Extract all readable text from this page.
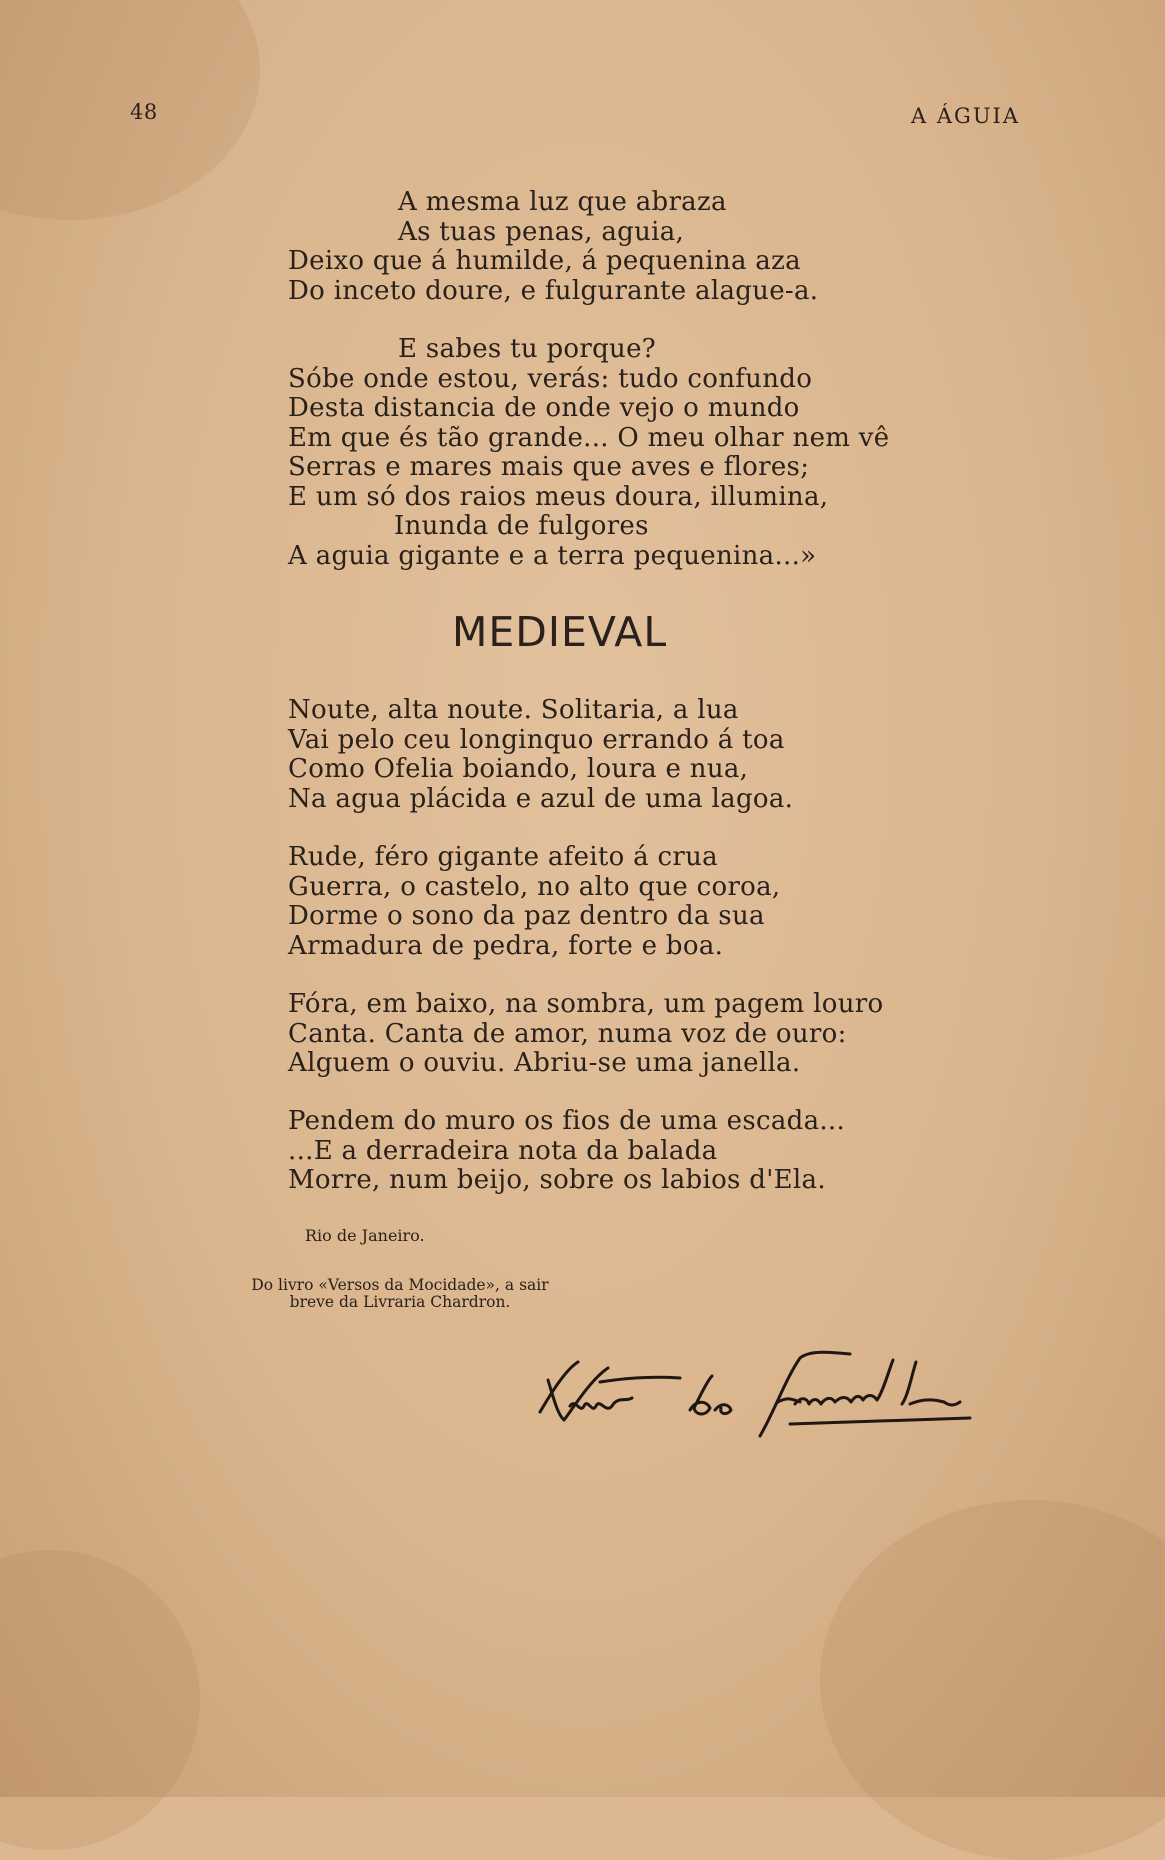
48	A ÁGUIA
A mesma luz que abraza
As tuas penas, aguia,
Deixo que á humilde, á pequenina aza
Do inceto doure, e fulgurante alague-a.
E sabes tu porque?
Sóbe onde estou, verás: tudo confundo
Desta distancia de onde vejo o mundo
Em que és tão grande... O meu olhar nem vê
Serras e mares mais que aves e flores;
E um só dos raios meus doura, illumina,
Inunda de fulgores
A aguia gigante e a terra pequenina...»
MEDIEVAL
Noute, alta noute. Solitaria, a lua
Vai pelo ceu longinquo errando á toa
Como Ofelia boiando, loura e nua,
Na agua plácida e azul de uma lagoa.
Rude, féro gigante afeito á crua
Guerra, o castelo, no alto que coroa,
Dorme o sono da paz dentro da sua
Armadura de pedra, forte e boa.
Fóra, em baixo, na sombra, um pagem louro
Canta. Canta de amor, numa voz de ouro:
Alguem o ouviu. Abriu-se uma janella.
Pendem do muro os fios de uma escada...
...E a derradeira nota da balada
Morre, num beijo, sobre os labios d'Ela.
Rio de Janeiro.
Do livro «Versos da Mocidade», a sair
breve da Livraria Chardron.
